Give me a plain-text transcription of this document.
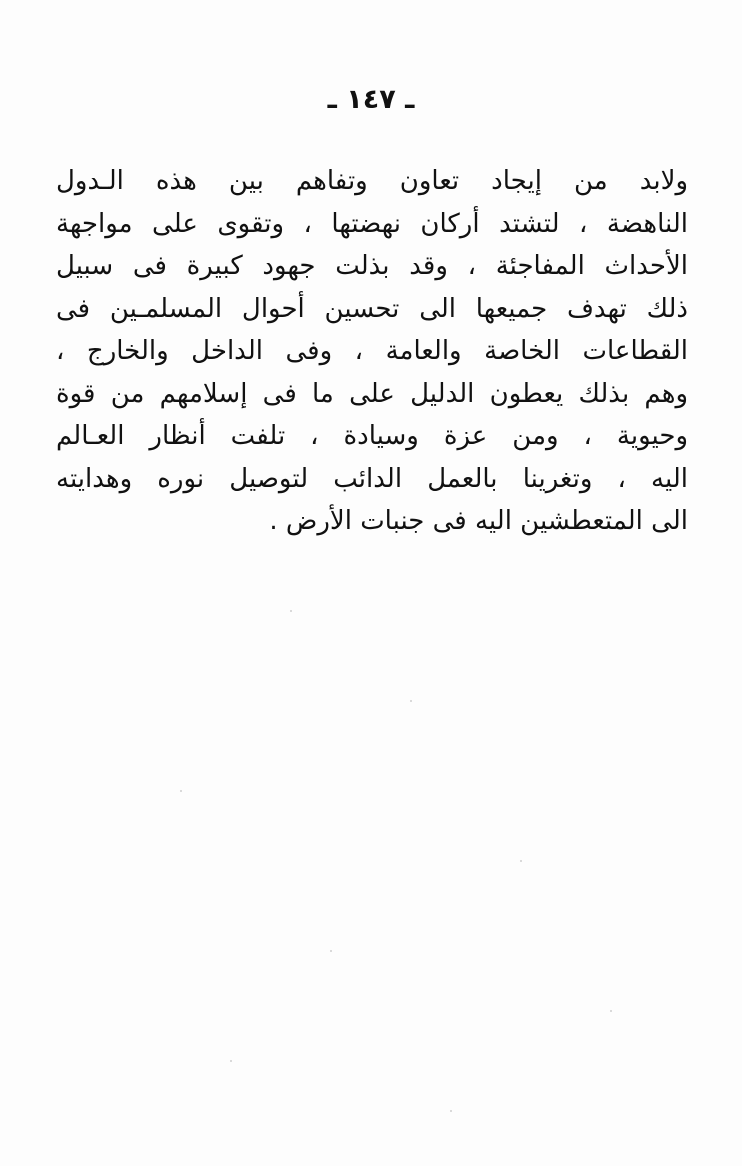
ـ ١٤٧ ـ
ولابد من إيجاد تعاون وتفاهم بين هذه الـدول
الناهضة ، لتشتد أركان نهضتها ، وتقوى على مواجهة
الأحداث المفاجئة ، وقد بذلت جهود كبيرة فى سبيل
ذلك تهدف جميعها الى تحسين أحوال المسلمـين فى
القطاعات الخاصة والعامة ، وفى الداخل والخارج ،
وهم بذلك يعطون الدليل على ما فى إسلامهم من قوة
وحيوية ، ومن عزة وسيادة ، تلفت أنظار العـالم
اليه ، وتغرينا بالعمل الدائب لتوصيل نوره وهدايته
الى المتعطشين اليه فى جنبات الأرض .
